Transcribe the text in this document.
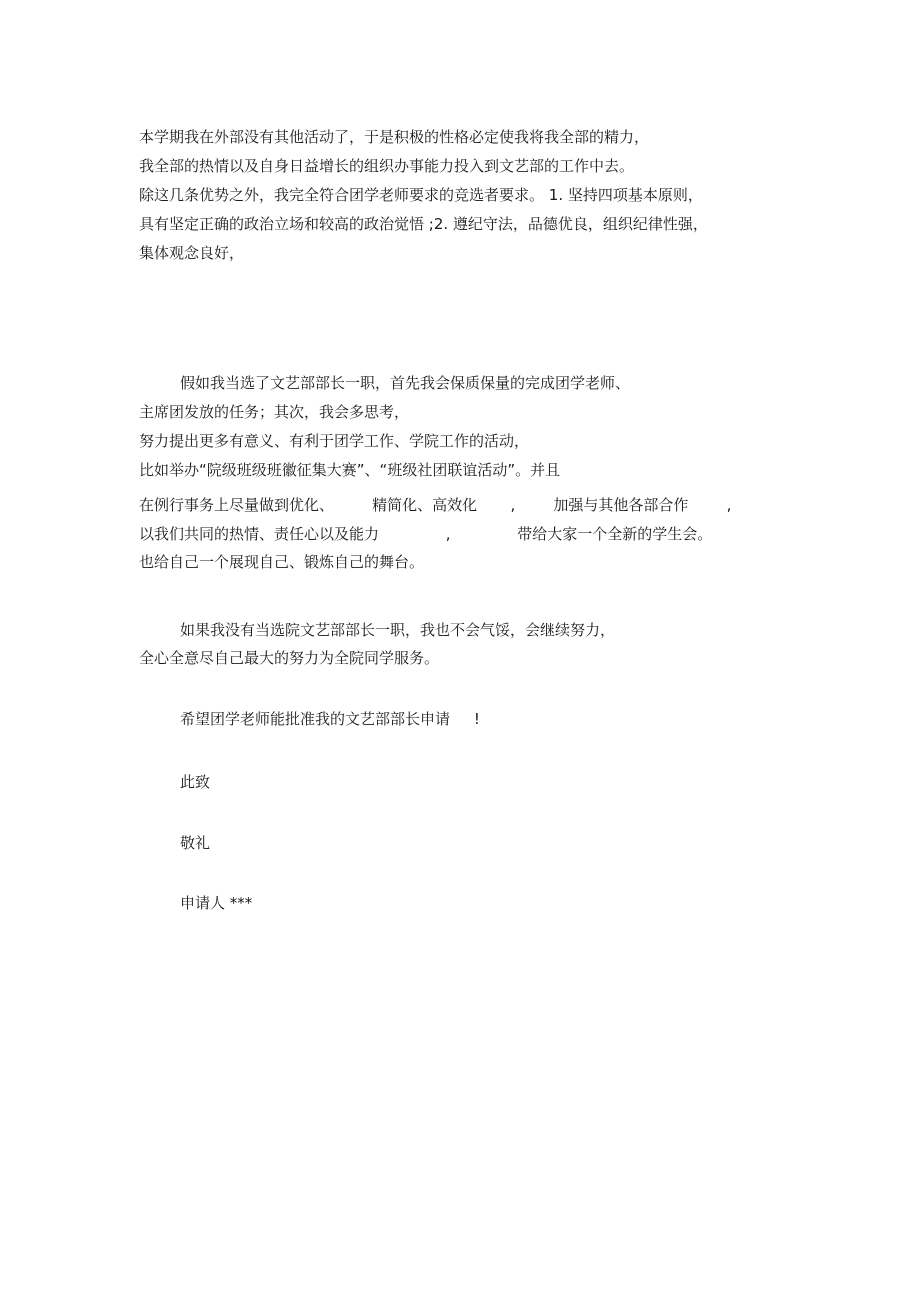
本学期我在外部没有其他活动了，于是积极的性格必定使我将我全部的精力，
我全部的热情以及自身日益增长的组织办事能力投入到文艺部的工作中去。
除这几条优势之外，我完全符合团学老师要求的竞选者要求。 1. 坚持四项基本原则，
具有坚定正确的政治立场和较高的政治觉悟 ;2. 遵纪守法，品德优良，组织纪律性强，
集体观念良好，
假如我当选了文艺部部长一职，首先我会保质保量的完成团学老师、
主席团发放的任务；其次，我会多思考，
努力提出更多有意义、有利于团学工作、学院工作的活动，
比如举办“院级班级班徽征集大赛”、“班级社团联谊活动”。并且
在例行事务上尽量做到优化、        精简化、高效化       ,        加强与其他各部合作        ,
以我们共同的热情、责任心以及能力              ,              带给大家一个全新的学生会。
也给自己一个展现自己、锻炼自己的舞台。
如果我没有当选院文艺部部长一职，我也不会气馁，会继续努力，
全心全意尽自己最大的努力为全院同学服务。
希望团学老师能批准我的文艺部部长申请     !
此致
敬礼
申请人 ***
